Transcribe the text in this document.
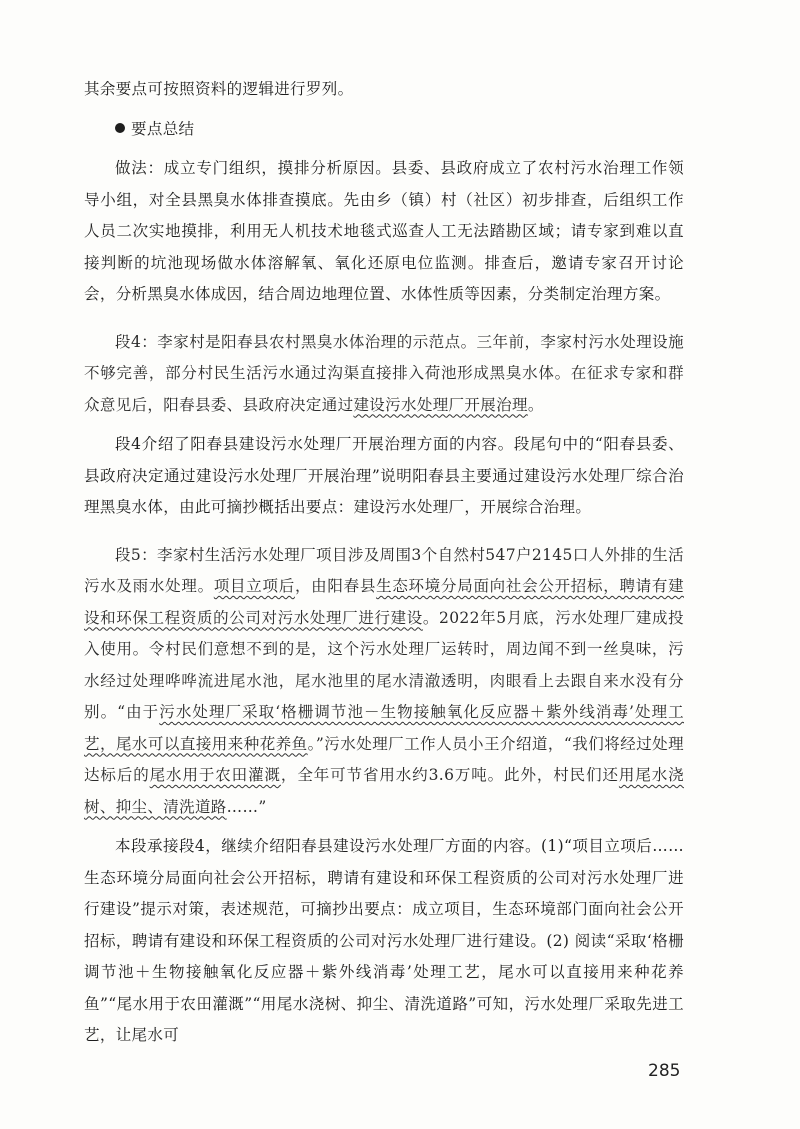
其余要点可按照资料的逻辑进行罗列。

要点总结

做法：成立专门组织，摸排分析原因。县委、县政府成立了农村污水治理工作领导小组，对全县黑臭水体排查摸底。先由乡（镇）村（社区）初步排查，后组织工作人员二次实地摸排，利用无人机技术地毯式巡查人工无法踏勘区域；请专家到难以直接判断的坑池现场做水体溶解氧、氧化还原电位监测。排查后，邀请专家召开讨论会，分析黑臭水体成因，结合周边地理位置、水体性质等因素，分类制定治理方案。

段4：李家村是阳春县农村黑臭水体治理的示范点。三年前，李家村污水处理设施不够完善，部分村民生活污水通过沟渠直接排入荷池形成黑臭水体。在征求专家和群众意见后，阳春县委、县政府决定通过建设污水处理厂开展治理。

段4介绍了阳春县建设污水处理厂开展治理方面的内容。段尾句中的“阳春县委、县政府决定通过建设污水处理厂开展治理”说明阳春县主要通过建设污水处理厂综合治理黑臭水体，由此可摘抄概括出要点：建设污水处理厂，开展综合治理。

段5：李家村生活污水处理厂项目涉及周围3个自然村547户2145口人外排的生活污水及雨水处理。项目立项后，由阳春县生态环境分局面向社会公开招标，聘请有建设和环保工程资质的公司对污水处理厂进行建设。2022年5月底，污水处理厂建成投入使用。令村民们意想不到的是，这个污水处理厂运转时，周边闻不到一丝臭味，污水经过处理哗哗流进尾水池，尾水池里的尾水清澈透明，肉眼看上去跟自来水没有分别。“由于污水处理厂采取‘格栅调节池－生物接触氧化反应器＋紫外线消毒’处理工艺，尾水可以直接用来种花养鱼。”污水处理厂工作人员小王介绍道，“我们将经过处理达标后的尾水用于农田灌溉，全年可节省用水约3.6万吨。此外，村民们还用尾水浇树、抑尘、清洗道路……”

本段承接段4，继续介绍阳春县建设污水处理厂方面的内容。(1)“项目立项后……生态环境分局面向社会公开招标，聘请有建设和环保工程资质的公司对污水处理厂进行建设”提示对策，表述规范，可摘抄出要点：成立项目，生态环境部门面向社会公开招标，聘请有建设和环保工程资质的公司对污水处理厂进行建设。(2) 阅读“采取‘格栅调节池＋生物接触氧化反应器＋紫外线消毒’处理工艺，尾水可以直接用来种花养鱼”“尾水用于农田灌溉”“用尾水浇树、抑尘、清洗道路”可知，污水处理厂采取先进工艺，让尾水可

285
